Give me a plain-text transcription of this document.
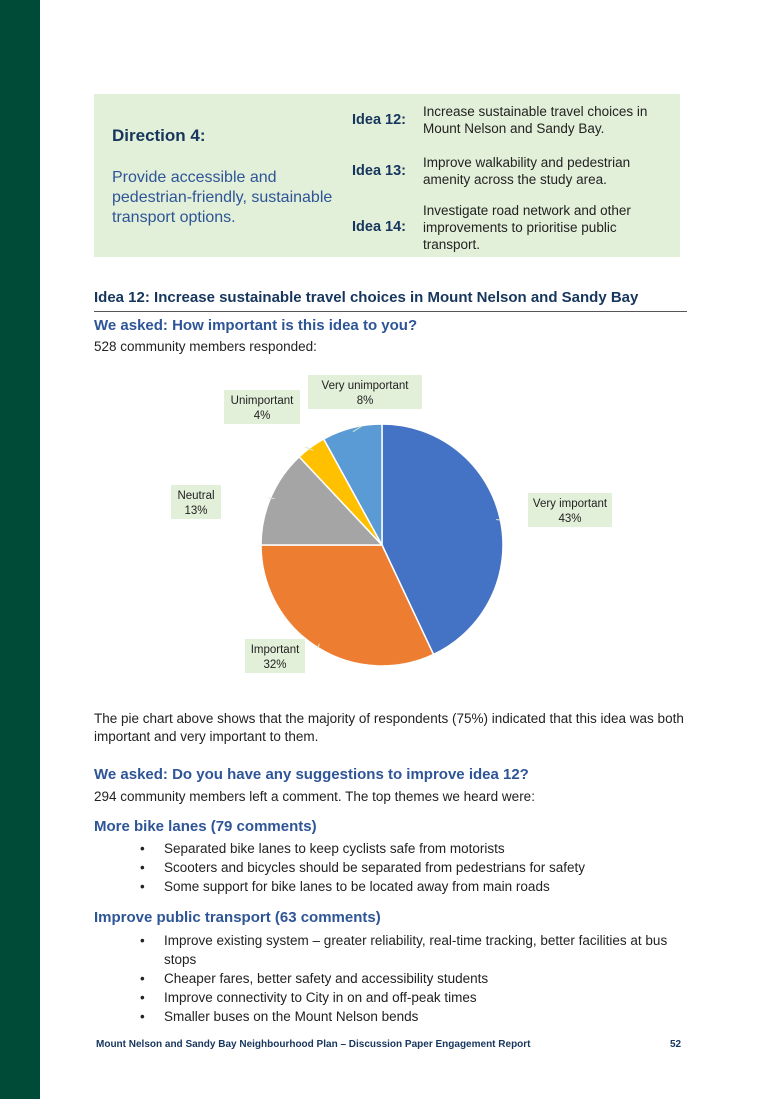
Direction 4:
Provide accessible and pedestrian-friendly, sustainable transport options.
Idea 12:
Increase sustainable travel choices in Mount Nelson and Sandy Bay.
Idea 13:
Improve walkability and pedestrian amenity across the study area.
Idea 14:
Investigate road network and other improvements to prioritise public transport.
Idea 12: Increase sustainable travel choices in Mount Nelson and Sandy Bay
We asked: How important is this idea to you?
528 community members responded:
Very important
43%
Important
32%
Neutral
13%
Unimportant
4%
Very unimportant
8%
The pie chart above shows that the majority of respondents (75%) indicated that this idea was both important and very important to them.
We asked: Do you have any suggestions to improve idea 12?
294 community members left a comment. The top themes we heard were:
More bike lanes (79 comments)
• Separated bike lanes to keep cyclists safe from motorists
• Scooters and bicycles should be separated from pedestrians for safety
• Some support for bike lanes to be located away from main roads
Improve public transport (63 comments)
• Improve existing system – greater reliability, real-time tracking, better facilities at bus stops
• Cheaper fares, better safety and accessibility students
• Improve connectivity to City in on and off-peak times
• Smaller buses on the Mount Nelson bends
Mount Nelson and Sandy Bay Neighbourhood Plan – Discussion Paper Engagement Report	52
